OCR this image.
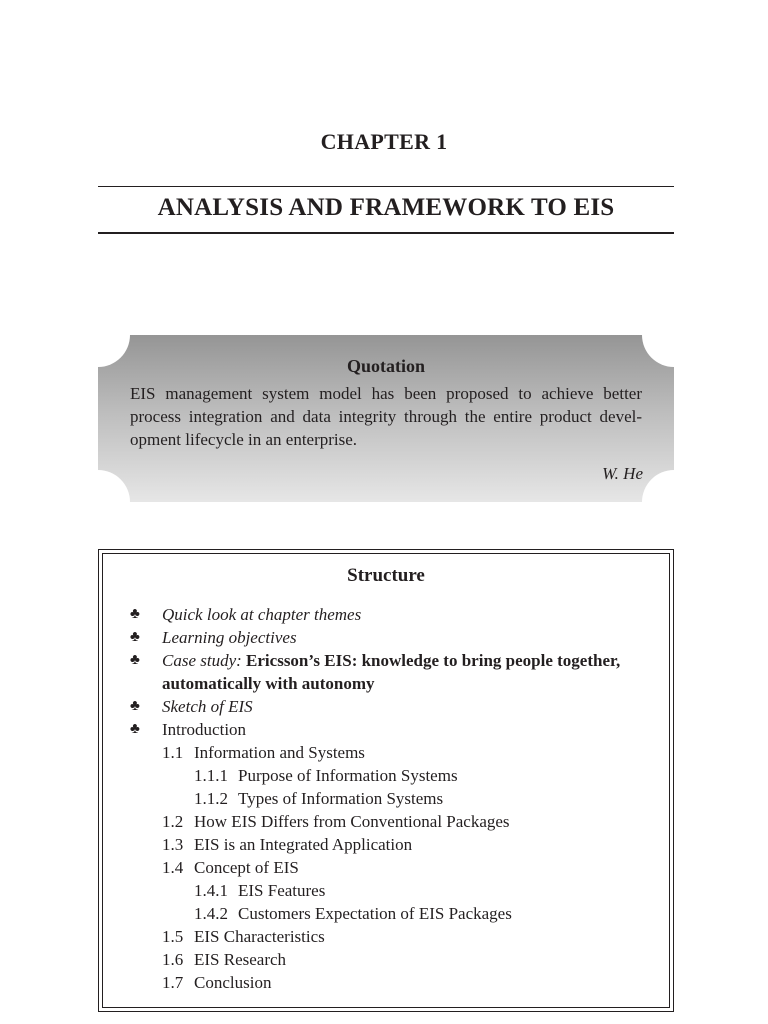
CHAPTER 1
ANALYSIS AND FRAMEWORK TO EIS
Quotation
EIS management system model has been proposed to achieve better process integration and data integrity through the entire product devel-opment lifecycle in an enterprise.
W. He
Structure
♣ Quick look at chapter themes
♣ Learning objectives
♣ Case study: Ericsson’s EIS: knowledge to bring people together, automatically with autonomy
♣ Sketch of EIS
♣ Introduction
1.1 Information and Systems
1.1.1 Purpose of Information Systems
1.1.2 Types of Information Systems
1.2 How EIS Differs from Conventional Packages
1.3 EIS is an Integrated Application
1.4 Concept of EIS
1.4.1 EIS Features
1.4.2 Customers Expectation of EIS Packages
1.5 EIS Characteristics
1.6 EIS Research
1.7 Conclusion
